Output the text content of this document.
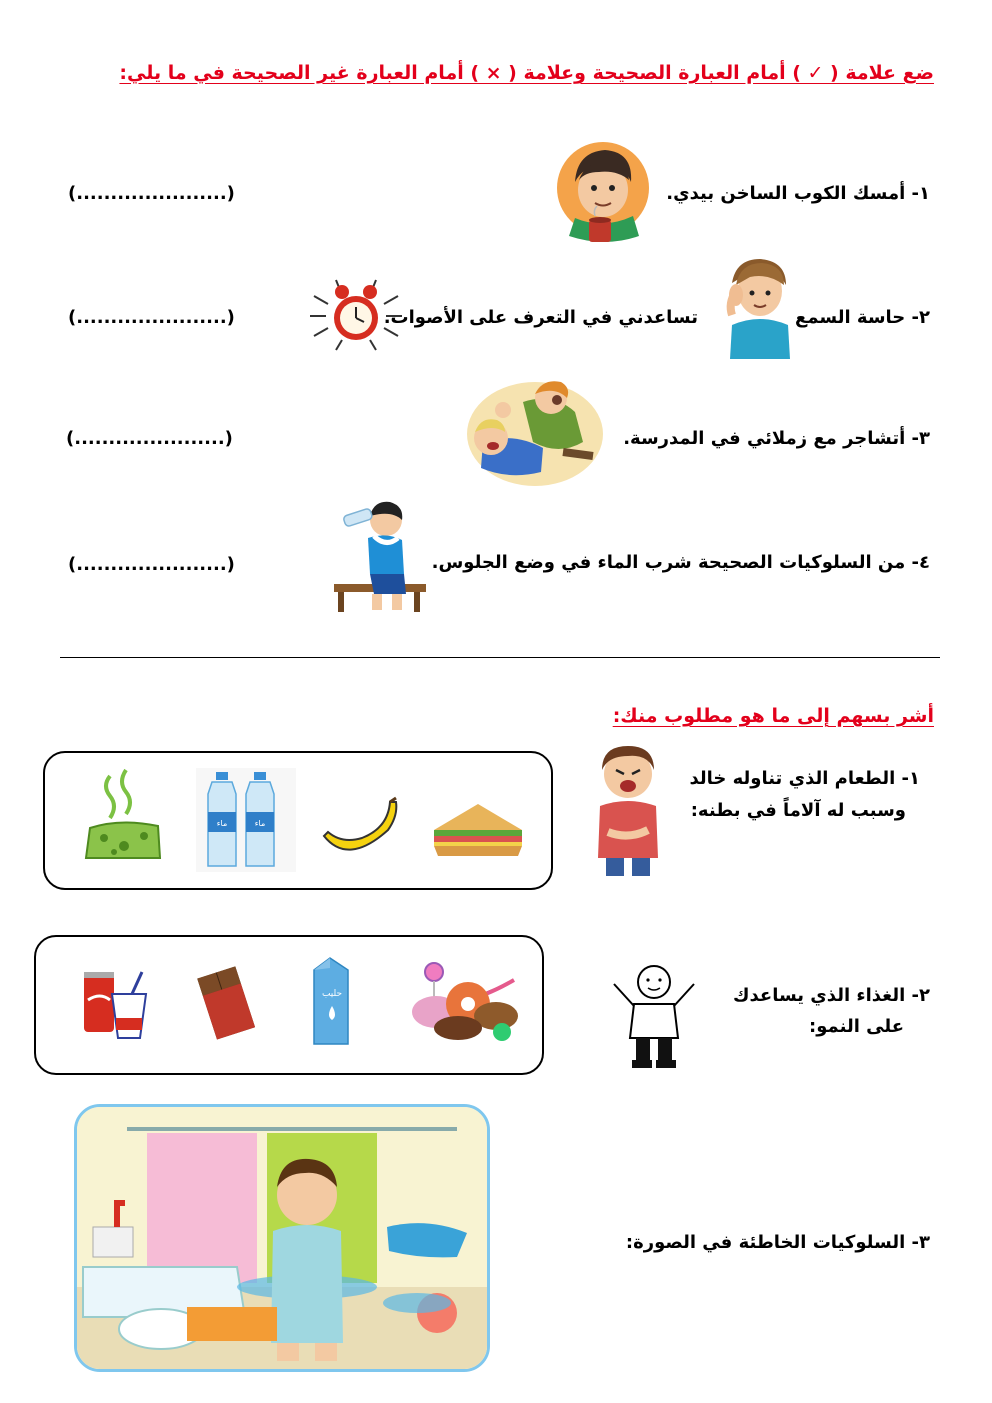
ضع علامة ( ✓ ) أمام العبارة الصحيحة وعلامة ( × ) أمام العبارة غير الصحيحة في ما يلي:
١- أمسك الكوب الساخن بيدي.
(......................)
٢- حاسة السمع
تساعدني في التعرف على الأصوات.
(......................)
٣- أتشاجر مع زملائي في المدرسة.
(......................)
٤- من السلوكيات الصحيحة شرب الماء في وضع الجلوس.
(......................)
أشر بسهم إلى ما هو مطلوب منك:
١- الطعام الذي تناوله خالد
وسبب له آلاماً في بطنه:
ماء	ماء
٢- الغذاء الذي يساعدك
على النمو:
حليب
٣- السلوكيات الخاطئة في الصورة:
